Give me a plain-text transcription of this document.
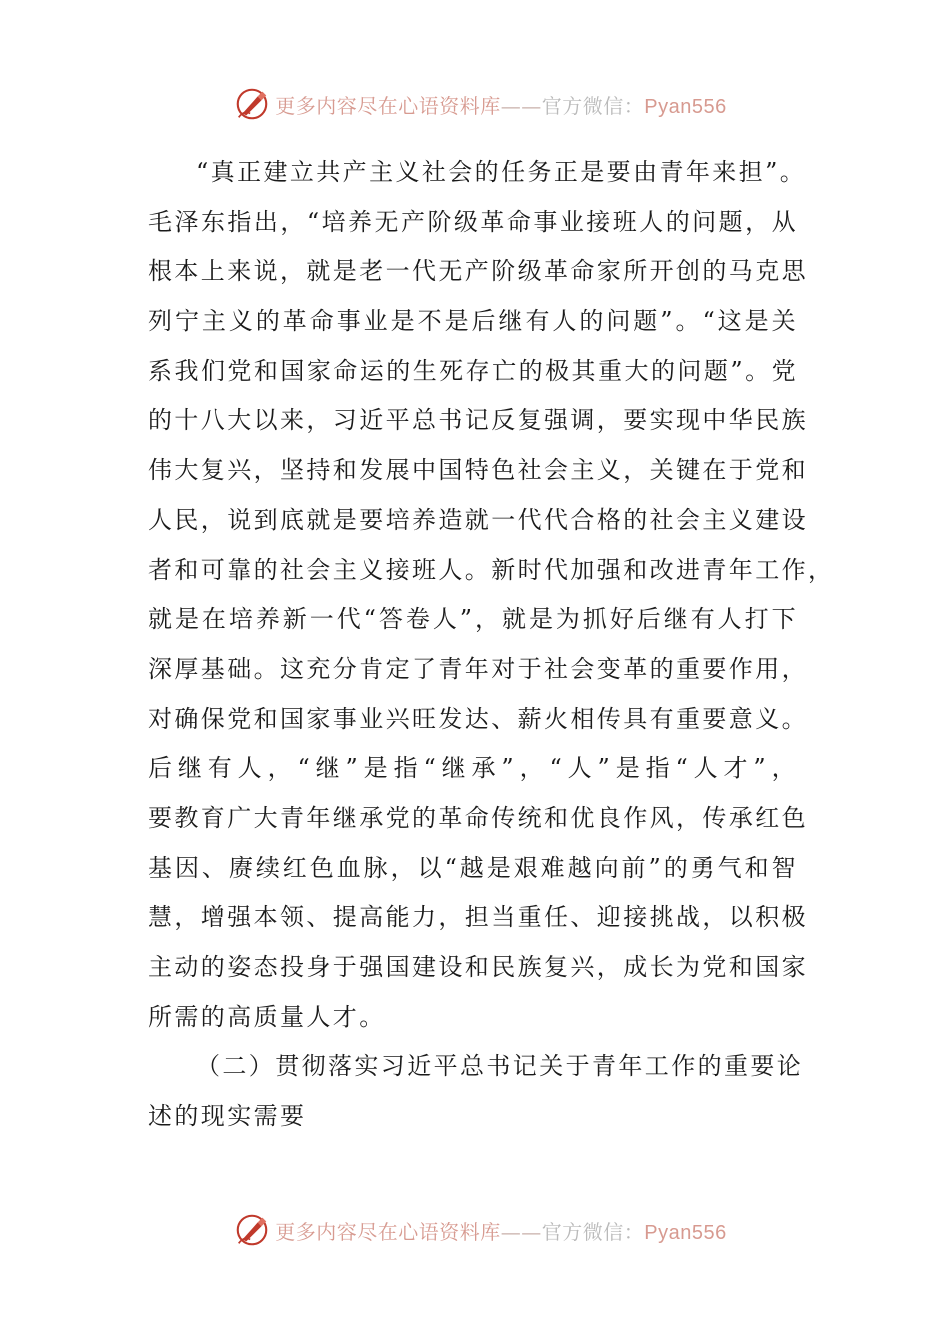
更多内容尽在心语资料库——官方微信：Pyan556
“真正建立共产主义社会的任务正是要由青年来担”。
毛泽东指出，“培养无产阶级革命事业接班人的问题，从
根本上来说，就是老一代无产阶级革命家所开创的马克思
列宁主义的革命事业是不是后继有人的问题”。“这是关
系我们党和国家命运的生死存亡的极其重大的问题”。党
的十八大以来，习近平总书记反复强调，要实现中华民族
伟大复兴，坚持和发展中国特色社会主义，关键在于党和
人民，说到底就是要培养造就一代代合格的社会主义建设
者和可靠的社会主义接班人。新时代加强和改进青年工作，
就是在培养新一代“答卷人”，就是为抓好后继有人打下
深厚基础。这充分肯定了青年对于社会变革的重要作用，
对确保党和国家事业兴旺发达、薪火相传具有重要意义。
后继有人，“继”是指“继承”，“人”是指“人才”，
要教育广大青年继承党的革命传统和优良作风，传承红色
基因、赓续红色血脉，以“越是艰难越向前”的勇气和智
慧，增强本领、提高能力，担当重任、迎接挑战，以积极
主动的姿态投身于强国建设和民族复兴，成长为党和国家
所需的高质量人才。
（二）贯彻落实习近平总书记关于青年工作的重要论
述的现实需要
更多内容尽在心语资料库——官方微信：Pyan556
